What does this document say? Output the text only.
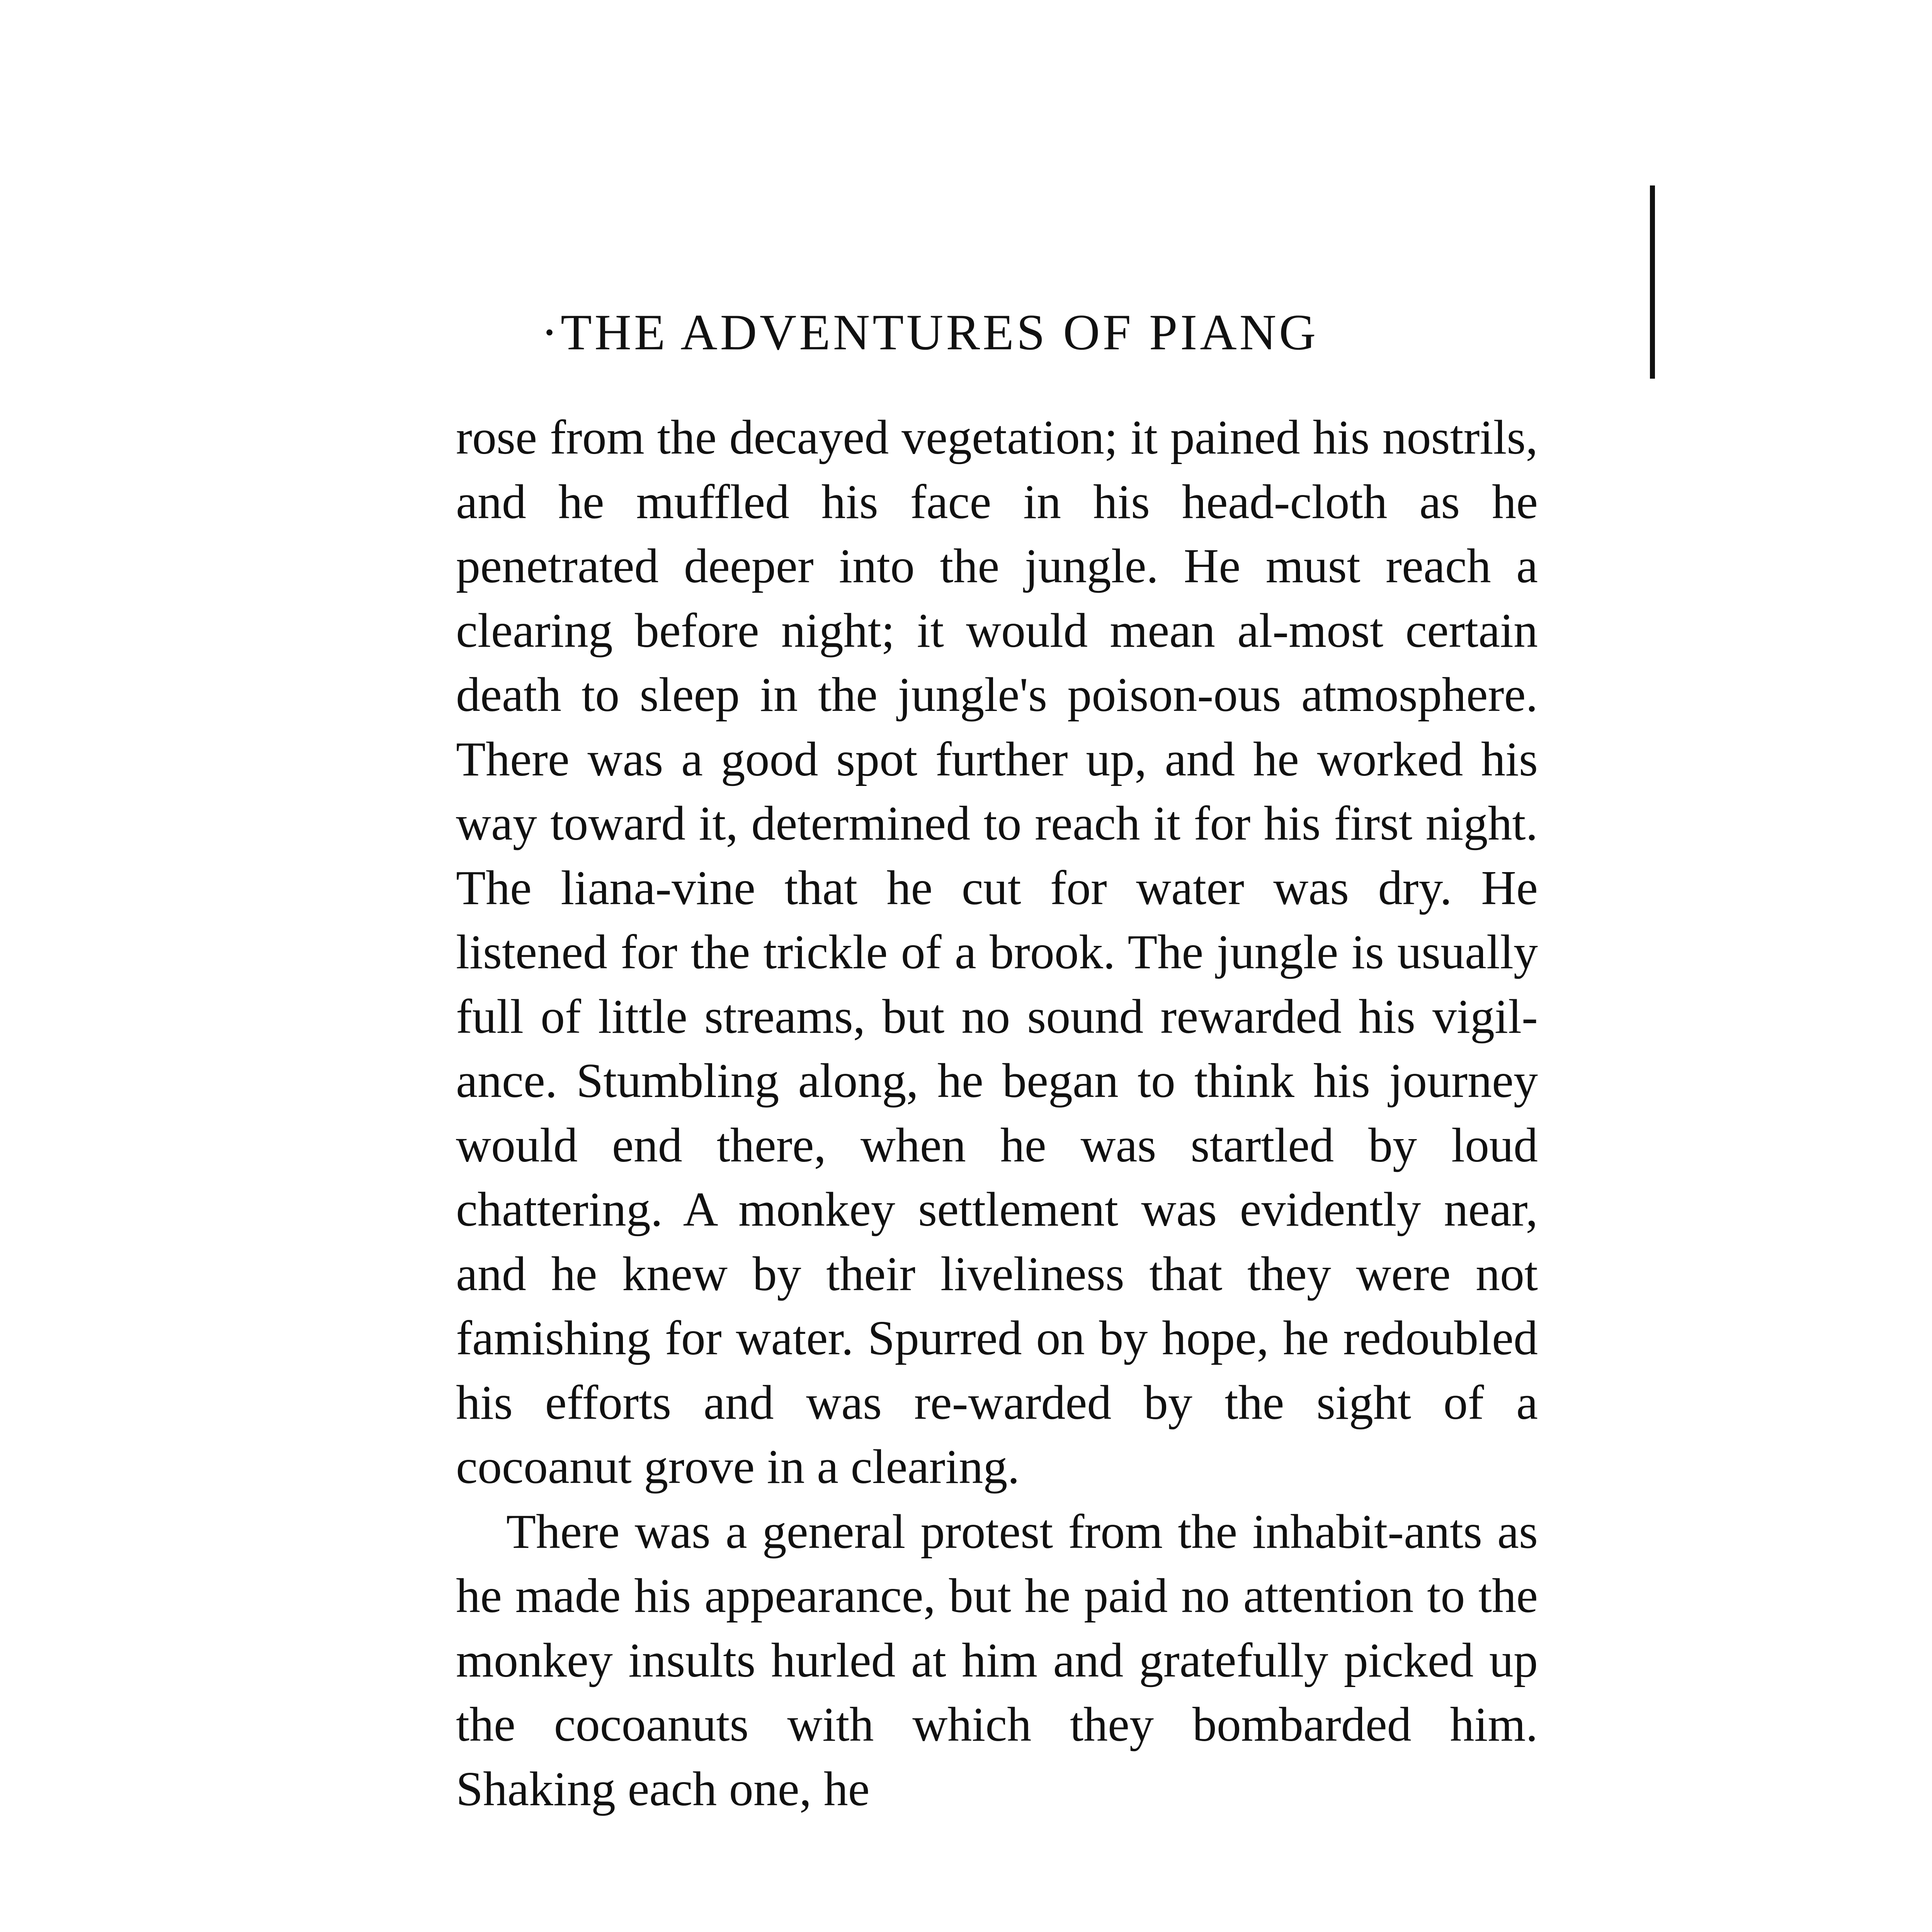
·THE ADVENTURES OF PIANG

rose from the decayed vegetation; it pained his nostrils, and he muffled his face in his head-cloth as he penetrated deeper into the jungle. He must reach a clearing before night; it would mean al-most certain death to sleep in the jungle's poison-ous atmosphere. There was a good spot further up, and he worked his way toward it, determined to reach it for his first night. The liana-vine that he cut for water was dry. He listened for the trickle of a brook. The jungle is usually full of little streams, but no sound rewarded his vigil-ance. Stumbling along, he began to think his journey would end there, when he was startled by loud chattering. A monkey settlement was evidently near, and he knew by their liveliness that they were not famishing for water. Spurred on by hope, he redoubled his efforts and was re-warded by the sight of a cocoanut grove in a clearing.

There was a general protest from the inhabit-ants as he made his appearance, but he paid no attention to the monkey insults hurled at him and gratefully picked up the cocoanuts with which they bombarded him. Shaking each one, he
